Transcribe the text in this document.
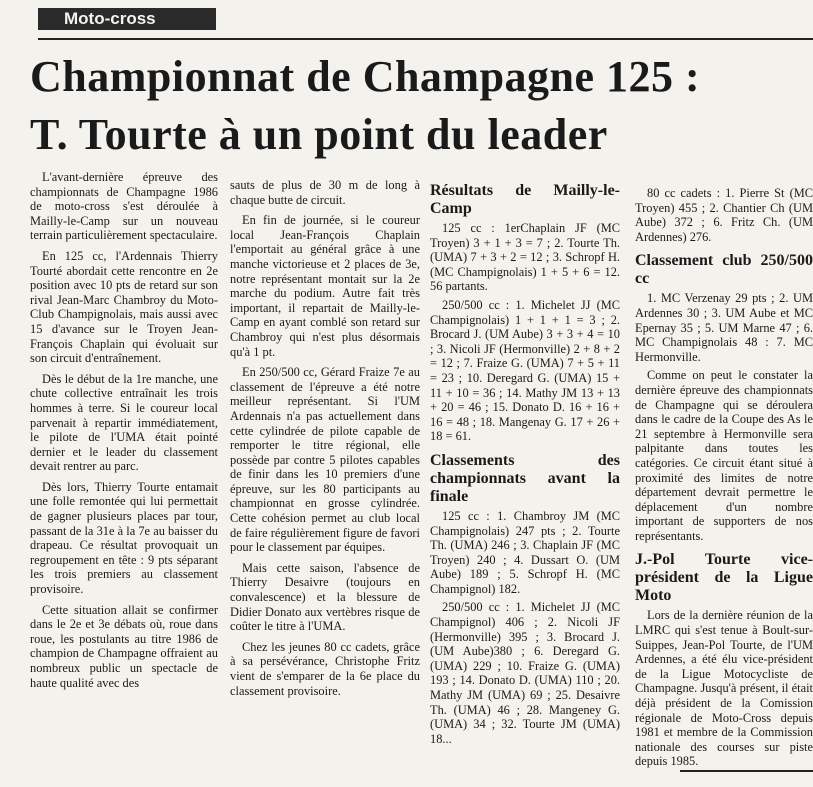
Moto-cross
Championnat de Champagne 125 :
T. Tourte à un point du leader

L'avant-dernière épreuve des championnats de Champagne 1986 de moto-cross s'est déroulée à Mailly-le-Camp sur un nouveau terrain particulièrement spectaculaire.

En 125 cc, l'Ardennais Thierry Tourté abordait cette rencontre en 2e position avec 10 pts de retard sur son rival Jean-Marc Chambroy du Moto-Club Champignolais, mais aussi avec 15 d'avance sur le Troyen Jean-François Chaplain qui évoluait sur son circuit d'entraînement.

Dès le début de la 1re manche, une chute collective entraînait les trois hommes à terre. Si le coureur local parvenait à repartir immédiatement, le pilote de l'UMA était pointé dernier et le leader du classement devait rentrer au parc.

Dès lors, Thierry Tourte entamait une folle remontée qui lui permettait de gagner plusieurs places par tour, passant de la 31e à la 7e au baisser du drapeau. Ce résultat provoquait un regroupement en tête : 9 pts séparant les trois premiers au classement provisoire.

Cette situation allait se confirmer dans le 2e et 3e débats où, roue dans roue, les postulants au titre 1986 de champion de Champagne offraient au nombreux public un spectacle de haute qualité avec des

sauts de plus de 30 m de long à chaque butte de circuit.

En fin de journée, si le coureur local Jean-François Chaplain l'emportait au général grâce à une manche victorieuse et 2 places de 3e, notre représentant montait sur la 2e marche du podium. Autre fait très important, il repartait de Mailly-le-Camp en ayant comblé son retard sur Chambroy qui n'est plus désormais qu'à 1 pt.

En 250/500 cc, Gérard Fraize 7e au classement de l'épreuve a été notre meilleur représentant. Si l'UM Ardennais n'a pas actuellement dans cette cylindrée de pilote capable de remporter le titre régional, elle possède par contre 5 pilotes capables de finir dans les 10 premiers d'une épreuve, sur les 80 participants au championnat en grosse cylindrée. Cette cohésion permet au club local de faire régulièrement figure de favori pour le classement par équipes.

Mais cette saison, l'absence de Thierry Desaivre (toujours en convalescence) et la blessure de Didier Donato aux vertèbres risque de coûter le titre à l'UMA.

Chez les jeunes 80 cc cadets, grâce à sa persévérance, Christophe Fritz vient de s'emparer de la 6e place du classement provisoire.

Résultats de Mailly-le-Camp

125 cc : 1erChaplain JF (MC Troyen) 3 + 1 + 3 = 7 ; 2. Tourte Th. (UMA) 7 + 3 + 2 = 12 ; 3. Schropf H. (MC Champignolais) 1 + 5 + 6 = 12. 56 partants.

250/500 cc : 1. Michelet JJ (MC Champignolais) 1 + 1 + 1 = 3 ; 2. Brocard J. (UM Aube) 3 + 3 + 4 = 10 ; 3. Nicoli JF (Hermonville) 2 + 8 + 2 = 12 ; 7. Fraize G. (UMA) 7 + 5 + 11 = 23 ; 10. Deregard G. (UMA) 15 + 11 + 10 = 36 ; 14. Mathy JM 13 + 13 + 20 = 46 ; 15. Donato D. 16 + 16 + 16 = 48 ; 18. Mangenay G. 17 + 26 + 18 = 61.

Classements des championnats avant la finale

125 cc : 1. Chambroy JM (MC Champignolais) 247 pts ; 2. Tourte Th. (UMA) 246 ; 3. Chaplain JF (MC Troyen) 240 ; 4. Dussart O. (UM Aube) 189 ; 5. Schropf H. (MC Champignol) 182.

250/500 cc : 1. Michelet JJ (MC Champignol) 406 ; 2. Nicoli JF (Hermonville) 395 ; 3. Brocard J. (UM Aube)380 ; 6. Deregard G. (UMA) 229 ; 10. Fraize G. (UMA) 193 ; 14. Donato D. (UMA) 110 ; 20. Mathy JM (UMA) 69 ; 25. Desaivre Th. (UMA) 46 ; 28. Mangeney G. (UMA) 34 ; 32. Tourte JM (UMA) 18...

80 cc cadets : 1. Pierre St (MC Troyen) 455 ; 2. Chantier Ch (UM Aube) 372 ; 6. Fritz Ch. (UM Ardennes) 276.

Classement club 250/500 cc

1. MC Verzenay 29 pts ; 2. UM Ardennes 30 ; 3. UM Aube et MC Epernay 35 ; 5. UM Marne 47 ; 6. MC Champignolais 48 : 7. MC Hermonville.

Comme on peut le constater la dernière épreuve des championnats de Champagne qui se déroulera dans le cadre de la Coupe des As le 21 septembre à Hermonville sera palpitante dans toutes les catégories. Ce circuit étant situé à proximité des limites de notre département devrait permettre le déplacement d'un nombre important de supporters de nos représentants.

J.-Pol Tourte vice-président de la Ligue Moto

Lors de la dernière réunion de la LMRC qui s'est tenue à Boult-sur-Suippes, Jean-Pol Tourte, de l'UM Ardennes, a été élu vice-président de la Ligue Motocycliste de Champagne. Jusqu'à présent, il était déjà président de la Comission régionale de Moto-Cross depuis 1981 et membre de la Commission nationale des courses sur piste depuis 1985.
